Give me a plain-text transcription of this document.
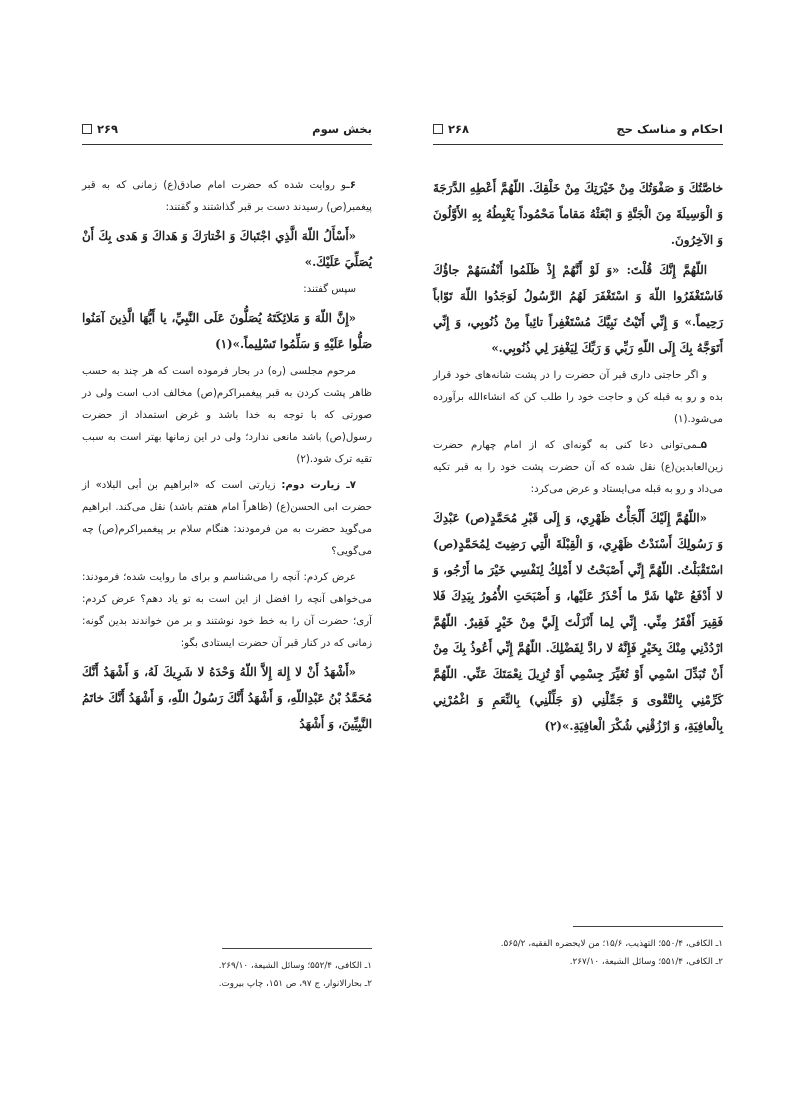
بخش سوم
۲۶۹

۶ـو روایت شده که حضرت امام صادق‌(ع) زمانی که به قبر پیغمبر(ص) رسیدند دست بر قبر گذاشتند و گفتند:

«أَسْأَلُ اللّهَ الَّذِي اجْتَباكَ وَ اخْتارَكَ وَ هَداكَ وَ هَدى بِكَ أَنْ يُصَلِّيَ عَلَيْكَ.»

سپس گفتند:

«إِنَّ اللّهَ وَ مَلائِكَتَهُ يُصَلُّونَ عَلَى النَّبِيِّ، يا أَيُّهَا الَّذِينَ آمَنُوا صَلُّوا عَلَيْهِ وَ سَلِّمُوا تَسْلِيماً.»(۱)

مرحوم مجلسی (ره) در بحار فرموده است که هر چند به حسب ظاهر پشت کردن به قبر پیغمبراکرم(ص) مخالف ادب است ولی در صورتی که با توجه به خدا باشد و غرض استمداد از حضرت رسول(ص) باشد مانعی ندارد؛ ولی در این زمانها بهتر است به سبب تقیه ترک شود.(۲)

۷ـ زیارت دوم: زیارتی است که «ابراهیم بن أبی البلاد» از حضرت ابی الحسن(ع) (ظاهراً امام هفتم باشد) نقل می‌کند. ابراهیم می‌گوید حضرت به من فرمودند: هنگام سلام بر پیغمبراکرم(ص) چه می‌گویی؟

عرض کردم: آنچه را می‌شناسم و برای ما روایت شده؛ فرمودند: می‌خواهی آنچه را افضل از این است به تو یاد دهم؟ عرض کردم: آری؛ حضرت آن را به خط خود نوشتند و بر من خواندند بدین گونه: زمانی که در کنار قبر آن حضرت ایستادی بگو:

«أَشْهَدُ أَنْ لا إِلهَ إِلاَّ اللّهُ وَحْدَهُ لا شَرِيكَ لَهُ، وَ أَشْهَدُ أَنَّكَ مُحَمَّدُ بْنُ عَبْدِاللّهِ، وَ أَشْهَدُ أَنَّكَ رَسُولُ اللّهِ، وَ أَشْهَدُ أَنَّكَ خاتَمُ النَّبِيِّينَ، وَ أَشْهَدُ

۱ـ الکافی، ۵۵۲/۴؛ وسائل الشیعة، ۲۶۹/۱۰.
۲ـ بحارالانوار، ج ۹۷، ص ۱۵۱، چاپ بیروت.
احکام و مناسک حج
۲۶۸

خاصَّتُكَ وَ صَفْوَتُكَ مِنْ خَيْرَتِكَ مِنْ خَلْقِكَ. اللّهُمَّ أَعْطِهِ الدَّرَجَةَ وَ الْوَسِيلَةَ مِنَ الْجَنَّةِ وَ ابْعَثْهُ مَقاماً مَحْمُوداً يَغْبِطُهُ بِهِ الأَوَّلُونَ وَ الآخِرُونَ.

اللّهُمَّ إِنَّكَ قُلْتَ: «وَ لَوْ أَنَّهُمْ إِذْ ظَلَمُوا أَنْفُسَهُمْ جاؤُكَ فَاسْتَغْفَرُوا اللّهَ وَ اسْتَغْفَرَ لَهُمُ الرَّسُولُ لَوَجَدُوا اللّهَ تَوّاباً رَحِيماً.» وَ إِنِّي أَتَيْتُ نَبِيَّكَ مُسْتَغْفِراً تائِباً مِنْ ذُنُوبِي، وَ إِنِّي أَتَوَجَّهُ بِكَ إِلَى اللّهِ رَبِّي وَ رَبِّكَ لِيَغْفِرَ لِي ذُنُوبِي.»

و اگر حاجتی داری قبر آن حضرت را در پشت شانه‌های خود قرار بده و رو به قبله کن و حاجت خود را طلب کن که انشاءالله برآورده می‌شود.(۱)

۵ـمی‌توانی دعا کنی به گونه‌ای که از امام چهارم حضرت زین‌العابدین(ع) نقل شده که آن حضرت پشت خود را به قبر تکیه می‌داد و رو به قبله می‌ایستاد و عرض می‌کرد:

«اللّهُمَّ إِلَيْكَ أَلْجَأْتُ ظَهْرِي، وَ إِلَى قَبْرِ مُحَمَّدٍ(ص) عَبْدِكَ وَ رَسُولِكَ أَسْنَدْتُ ظَهْرِي، وَ الْقِبْلَةَ الَّتِي رَضِيتَ لِمُحَمَّدٍ(ص) اسْتَقْبَلْتُ. اللّهُمَّ إِنِّي أَصْبَحْتُ لا أَمْلِكُ لِنَفْسِي خَيْرَ ما أَرْجُو، وَ لا أَدْفَعُ عَنْها شَرَّ ما أَحْذَرُ عَلَيْها، وَ أَصْبَحَتِ الأُمُورُ بِيَدِكَ فَلا فَقِيرَ أَفْقَرُ مِنِّي. إِنِّي لِما أَنْزَلْتَ إِلَيَّ مِنْ خَيْرٍ فَقِيرٌ. اللّهُمَّ ارْدُدْنِي مِنْكَ بِخَيْرٍ فَإِنَّهُ لا رادَّ لِفَضْلِكَ. اللّهُمَّ إِنِّي أَعُوذُ بِكَ مِنْ أَنْ تُبَدِّلَ اسْمِي أَوْ تُغَيِّرَ جِسْمِي أَوْ تُزِيلَ نِعْمَتَكَ عَنِّي. اللّهُمَّ كَرِّمْنِي بِالتَّقْوى وَ جَمِّلْنِي (وَ جَلِّلْنِي) بِالنِّعَمِ وَ اغْمُرْنِي بِالْعافِيَةِ، وَ ارْزُقْنِي شُكْرَ الْعافِيَةِ.»(۲)

۱ـ الکافی، ۵۵۰/۴؛ التهذیب، ۱۵/۶؛ من لایحضره الفقیه، ۵۶۵/۲.
۲ـ الکافی، ۵۵۱/۴؛ وسائل الشیعة، ۲۶۷/۱۰.
